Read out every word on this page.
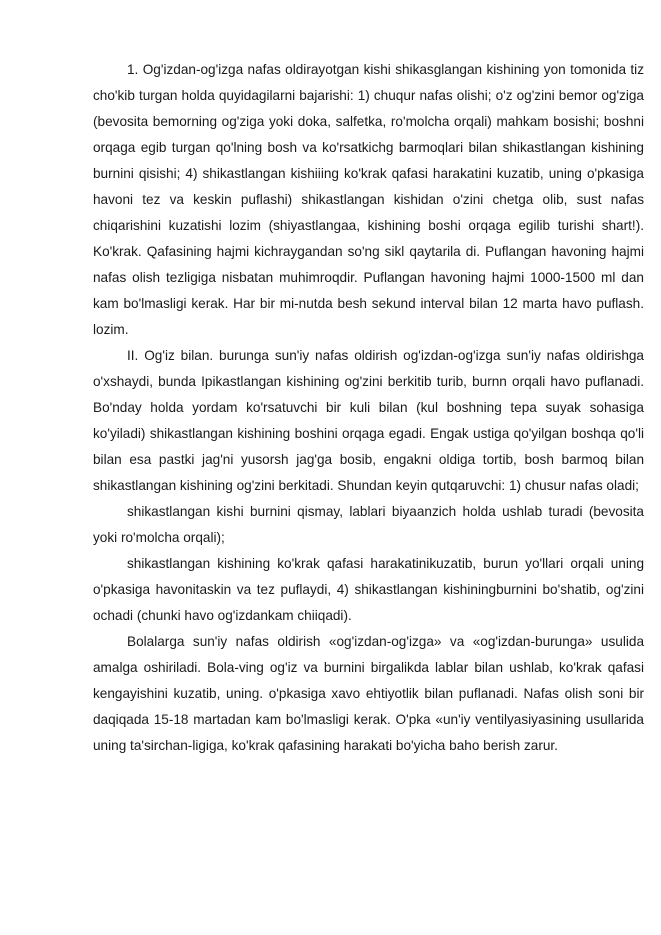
1. Og'izdan-og'izga nafas oldirayotgan kishi shikasglangan kishining yon tomonida tiz cho'kib turgan holda quyidagilarni bajarishi: 1) chuqur nafas olishi; o'z og'zini bemor og'ziga (bevosita bemorning og'ziga yoki doka, salfetka, ro'molcha orqali) mahkam bosishi; boshni orqaga egib turgan qo'lning bosh va ko'rsatkichg barmoqlari bilan shikastlangan kishining burnini qisishi; 4) shikastlangan kishiiing ko'krak qafasi harakatini kuzatib, uning o'pkasiga havoni tez va keskin puflashi) shikastlangan kishidan o'zini chetga olib, sust nafas chiqarishini kuzatishi lozim (shiyastlangaa, kishining boshi orqaga egilib turishi shart!). Ko'krak. Qafasining hajmi kichraygandan so'ng sikl qaytarila di. Puflangan havoning hajmi nafas olish tezligiga nisbatan muhimroqdir. Puflangan havoning hajmi 1000-1500 ml dan kam bo'lmasligi kerak. Har bir mi-nutda besh sekund interval bilan 12 marta havo puflash. lozim.

II. Og'iz bilan. burunga sun'iy nafas oldirish og'izdan-og'izga sun'iy nafas oldirishga o'xshaydi, bunda Ipikastlangan kishining og'zini berkitib turib, burnn orqali havo puflanadi. Bo'nday holda yordam ko'rsatuvchi bir kuli bilan (kul boshning tepa suyak sohasiga ko'yiladi) shikastlangan kishining boshini orqaga egadi. Engak ustiga qo'yilgan boshqa qo'li bilan esa pastki jag'ni yusorsh jag'ga bosib, engakni oldiga tortib, bosh barmoq bilan shikastlangan kishining og'zini berkitadi. Shundan keyin qutqaruvchi: 1) chusur nafas oladi;

shikastlangan kishi burnini qismay, lablari biyaanzich holda ushlab turadi (bevosita yoki ro'molcha orqali);

shikastlangan kishining ko'krak qafasi harakatinikuzatib, burun yo'llari orqali uning o'pkasiga havonitaskin va tez puflaydi, 4) shikastlangan kishiningburnini bo'shatib, og'zini ochadi (chunki havo og'izdankam chiiqadi).

Bolalarga sun'iy nafas oldirish «og'izdan-og'izga» va «og'izdan-burunga» usulida amalga oshiriladi. Bola-ving og'iz va burnini birgalikda lablar bilan ushlab, ko'krak qafasi kengayishini kuzatib, uning. o'pkasiga xavo ehtiyotlik bilan puflanadi. Nafas olish soni bir daqiqada 15-18 martadan kam bo'lmasligi kerak. O'pka «un'iy ventilyasiyasining usullarida uning ta'sirchan-ligiga, ko'krak qafasining harakati bo'yicha baho berish zarur.
